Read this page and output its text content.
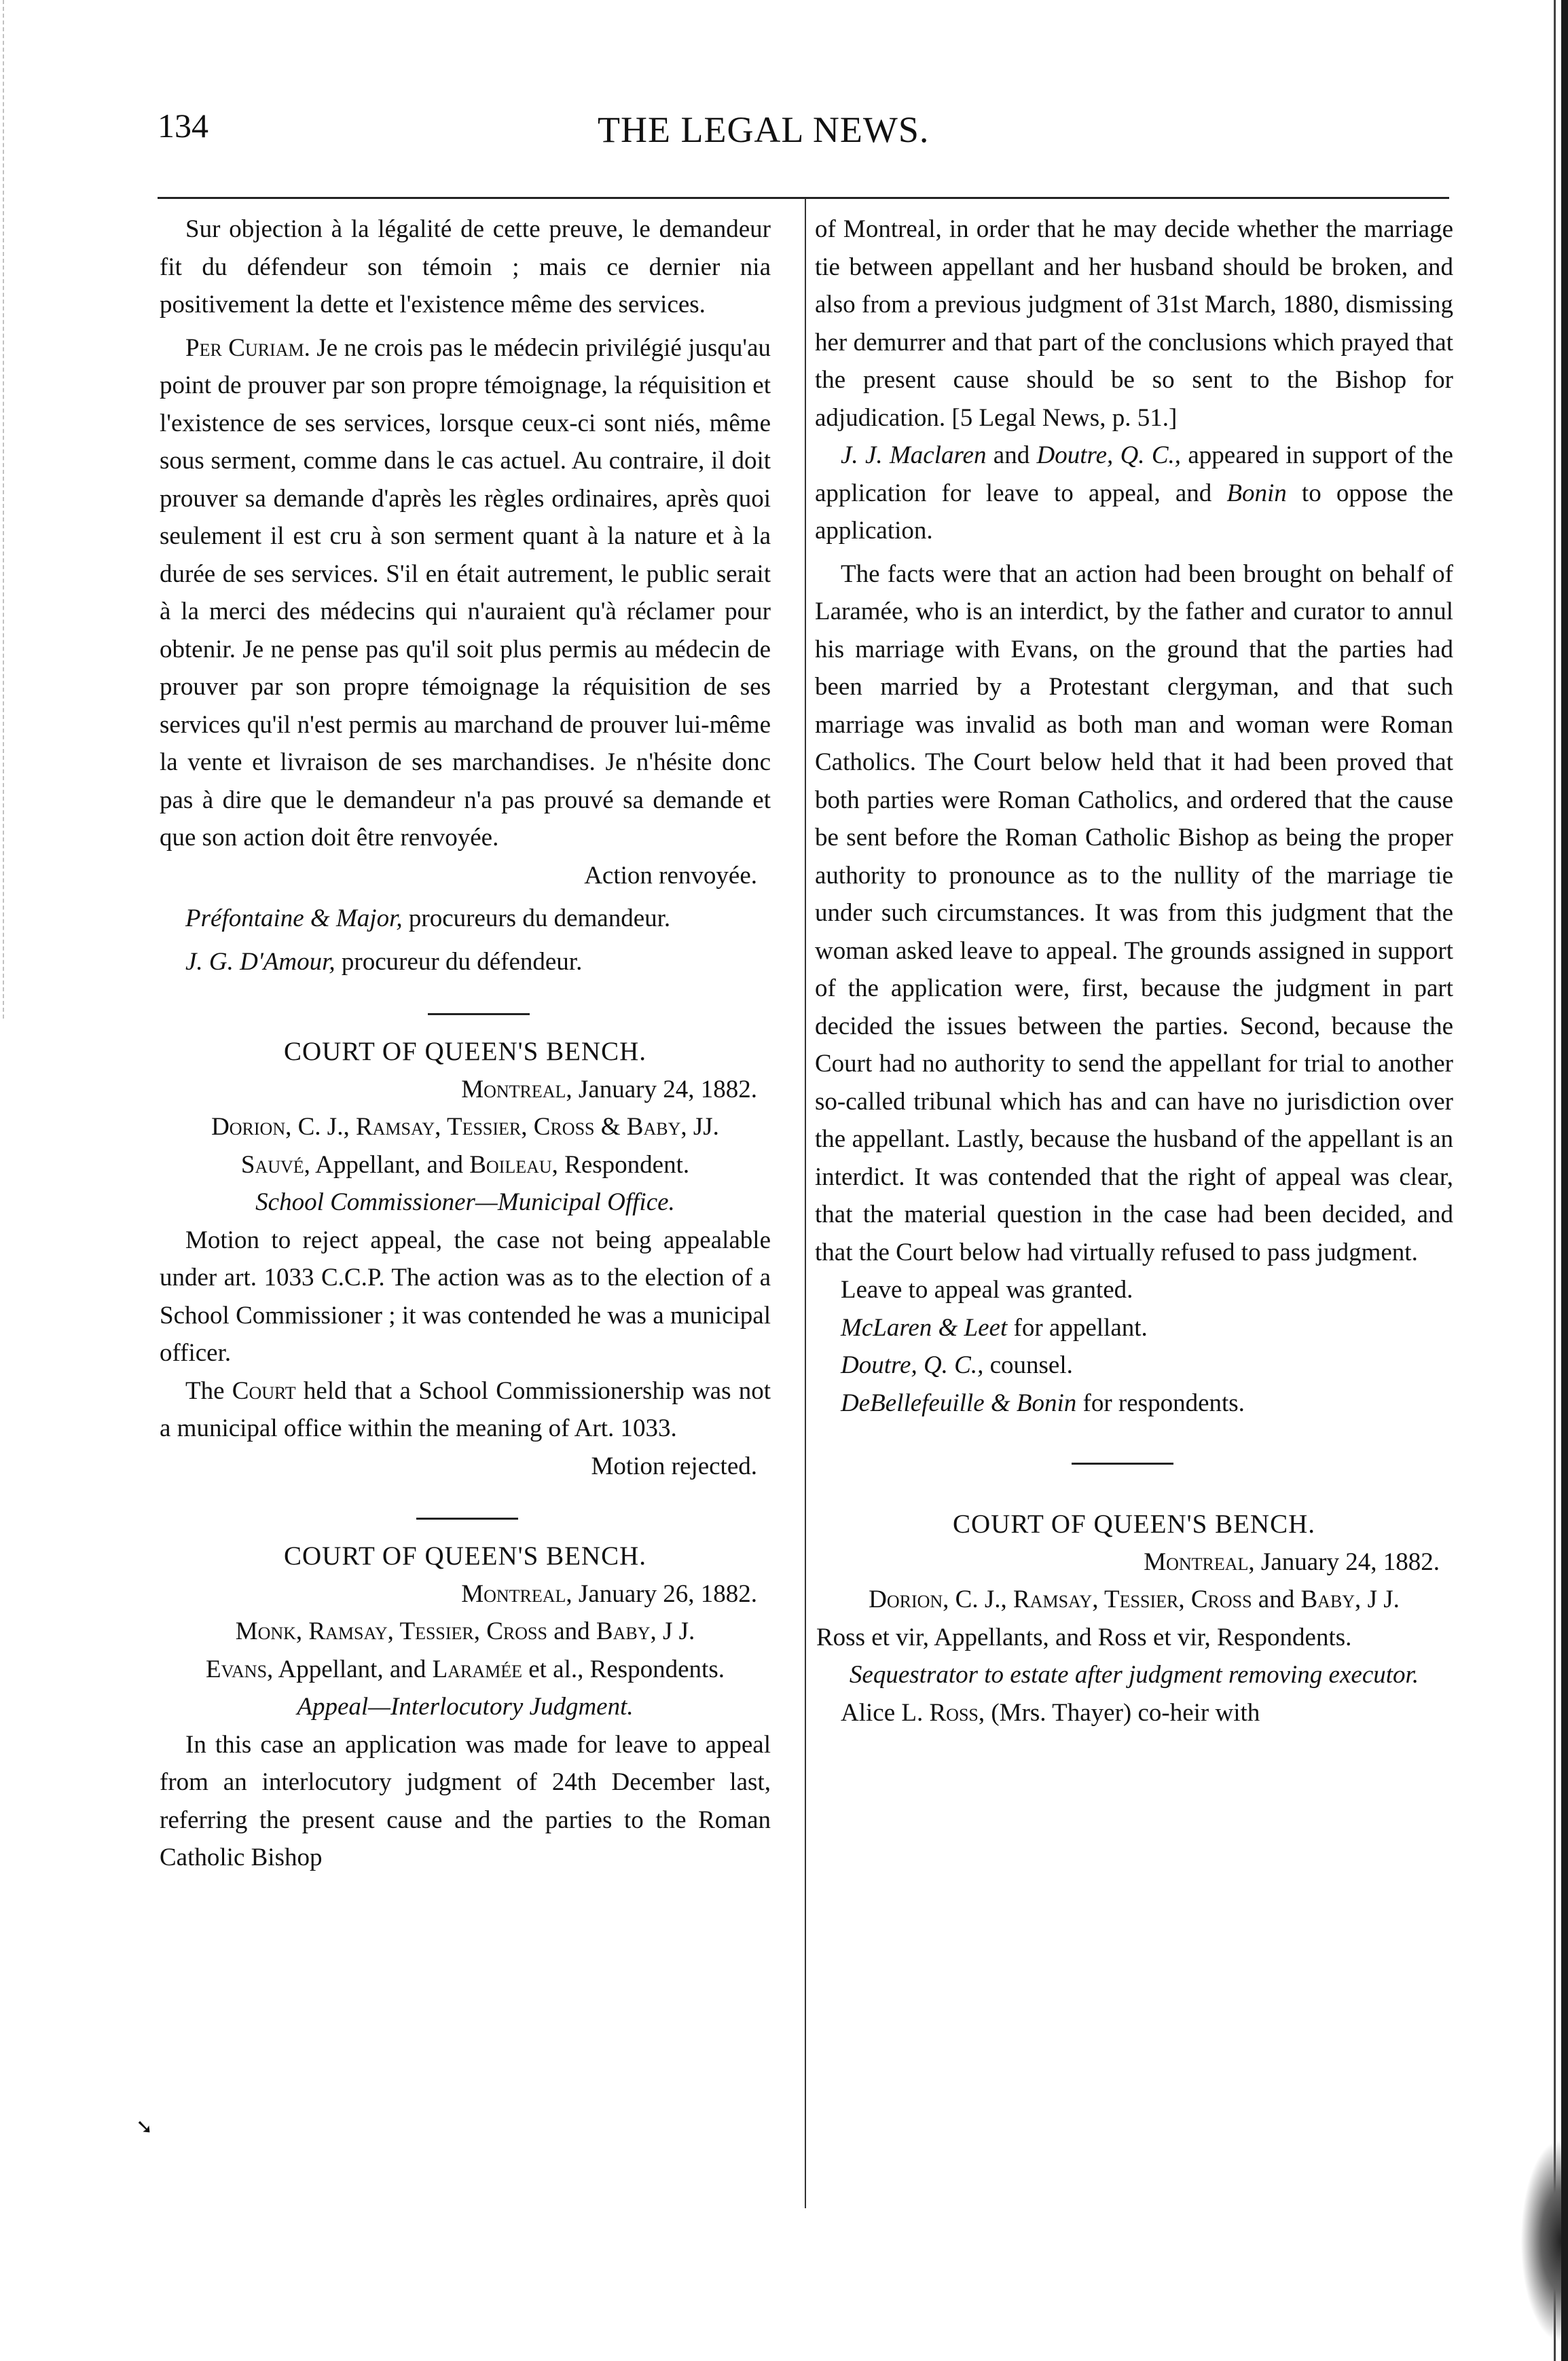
134	THE LEGAL NEWS.
➘

Sur objection à la légalité de cette preuve, le demandeur fit du défendeur son témoin ; mais ce dernier nia positivement la dette et l'existence même des services.

Per Curiam. Je ne crois pas le médecin privilégié jusqu'au point de prouver par son propre témoignage, la réquisition et l'existence de ses services, lorsque ceux-ci sont niés, même sous serment, comme dans le cas actuel. Au contraire, il doit prouver sa demande d'après les règles ordinaires, après quoi seulement il est cru à son serment quant à la nature et à la durée de ses services. S'il en était autrement, le public serait à la merci des médecins qui n'auraient qu'à réclamer pour obtenir. Je ne pense pas qu'il soit plus permis au médecin de prouver par son propre témoignage la réquisition de ses services qu'il n'est permis au marchand de prouver lui-même la vente et livraison de ses marchandises. Je n'hésite donc pas à dire que le demandeur n'a pas prouvé sa demande et que son action doit être renvoyée.

Action renvoyée.

Préfontaine & Major, procureurs du demandeur.

J. G. D'Amour, procureur du défendeur.

COURT OF QUEEN'S BENCH.

Montreal, January 24, 1882.

Dorion, C. J., Ramsay, Tessier, Cross & Baby, JJ.

Sauvé, Appellant, and Boileau, Respondent.

School Commissioner—Municipal Office.

Motion to reject appeal, the case not being appealable under art. 1033 C.C.P. The action was as to the election of a School Commissioner ; it was contended he was a municipal officer.

The Court held that a School Commissionership was not a municipal office within the meaning of Art. 1033.

Motion rejected.

COURT OF QUEEN'S BENCH.

Montreal, January 26, 1882.

Monk, Ramsay, Tessier, Cross and Baby, J J.

Evans, Appellant, and Laramée et al., Respondents.

Appeal—Interlocutory Judgment.

In this case an application was made for leave to appeal from an interlocutory judgment of 24th December last, referring the present cause and the parties to the Roman Catholic Bishop

of Montreal, in order that he may decide whether the marriage tie between appellant and her husband should be broken, and also from a previous judgment of 31st March, 1880, dismissing her demurrer and that part of the conclusions which prayed that the present cause should be so sent to the Bishop for adjudication. [5 Legal News, p. 51.]

J. J. Maclaren and Doutre, Q. C., appeared in support of the application for leave to appeal, and Bonin to oppose the application.

The facts were that an action had been brought on behalf of Laramée, who is an interdict, by the father and curator to annul his marriage with Evans, on the ground that the parties had been married by a Protestant clergyman, and that such marriage was invalid as both man and woman were Roman Catholics. The Court below held that it had been proved that both parties were Roman Catholics, and ordered that the cause be sent before the Roman Catholic Bishop as being the proper authority to pronounce as to the nullity of the marriage tie under such circumstances. It was from this judgment that the woman asked leave to appeal. The grounds assigned in support of the application were, first, because the judgment in part decided the issues between the parties. Second, because the Court had no authority to send the appellant for trial to another so-called tribunal which has and can have no jurisdiction over the appellant. Lastly, because the husband of the appellant is an interdict. It was contended that the right of appeal was clear, that the material question in the case had been decided, and that the Court below had virtually refused to pass judgment.

Leave to appeal was granted.

McLaren & Leet for appellant.

Doutre, Q. C., counsel.

DeBellefeuille & Bonin for respondents.

COURT OF QUEEN'S BENCH.

Montreal, January 24, 1882.

Dorion, C. J., Ramsay, Tessier, Cross and Baby, J J.

Ross et vir, Appellants, and Ross et vir, Respondents.

Sequestrator to estate after judgment removing executor.

Alice L. Ross, (Mrs. Thayer) co-heir with
